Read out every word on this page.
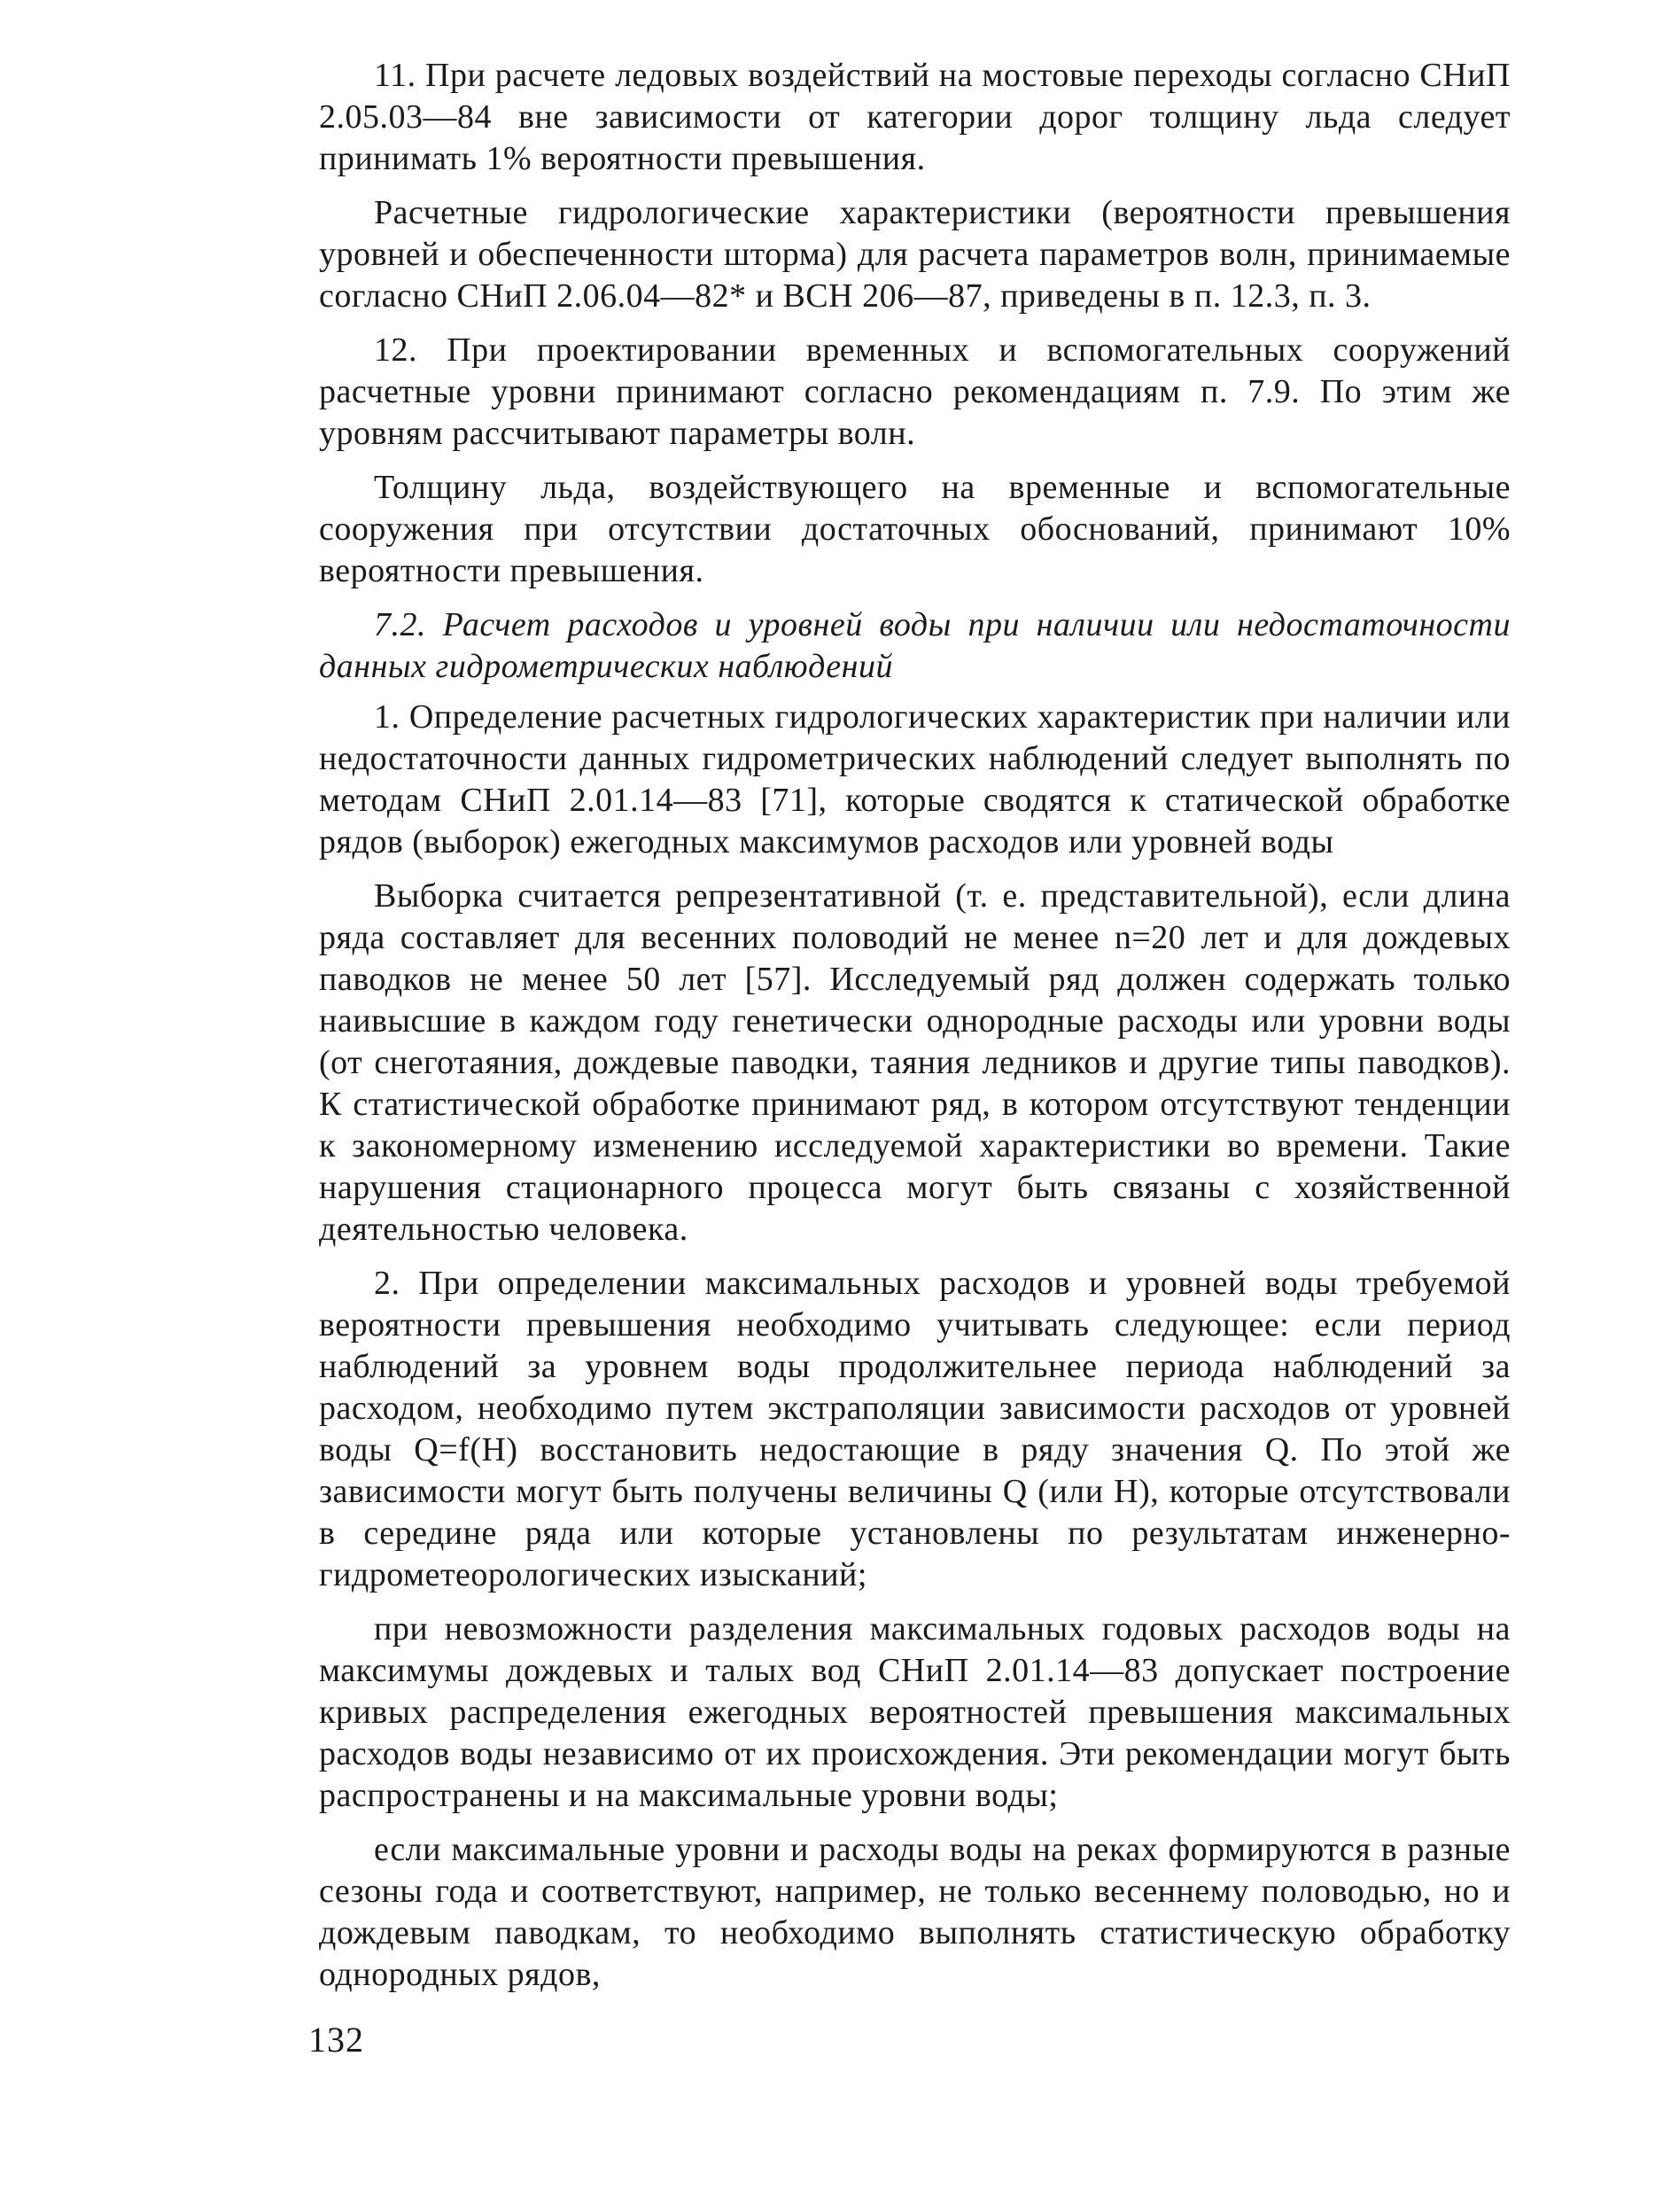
11. При расчете ледовых воздействий на мостовые переходы согласно СНиП 2.05.03—84 вне зависимости от категории дорог толщину льда следует принимать 1% вероятности превышения.

Расчетные гидрологические характеристики (вероятности превышения уровней и обеспеченности шторма) для расчета параметров волн, принимаемые согласно СНиП 2.06.04—82* и ВСН 206—87, приведены в п. 12.3, п. 3.

12. При проектировании временных и вспомогательных сооружений расчетные уровни принимают согласно рекомендациям п. 7.9. По этим же уровням рассчитывают параметры волн.

Толщину льда, воздействующего на временные и вспомогательные сооружения при отсутствии достаточных обоснований, принимают 10% вероятности превышения.

7.2. Расчет расходов и уровней воды при наличии или недостаточности данных гидрометрических наблюдений

1. Определение расчетных гидрологических характеристик при наличии или недостаточности данных гидрометрических наблюдений следует выполнять по методам СНиП 2.01.14—83 [71], которые сводятся к статической обработке рядов (выборок) ежегодных максимумов расходов или уровней воды

Выборка считается репрезентативной (т. е. представительной), если длина ряда составляет для весенних половодий не менее n=20 лет и для дождевых паводков не менее 50 лет [57]. Исследуемый ряд должен содержать только наивысшие в каждом году генетически однородные расходы или уровни воды (от снеготаяния, дождевые паводки, таяния ледников и другие типы паводков). К статистической обработке принимают ряд, в котором отсутствуют тенденции к закономерному изменению исследуемой характеристики во времени. Такие нарушения стационарного процесса могут быть связаны с хозяйственной деятельностью человека.

2. При определении максимальных расходов и уровней воды требуемой вероятности превышения необходимо учитывать следующее: если период наблюдений за уровнем воды продолжительнее периода наблюдений за расходом, необходимо путем экстраполяции зависимости расходов от уровней воды Q=f(H) восстановить недостающие в ряду значения Q. По этой же зависимости могут быть получены величины Q (или H), которые отсутствовали в середине ряда или которые установлены по результатам инженерно-гидрометеорологических изысканий;

при невозможности разделения максимальных годовых расходов воды на максимумы дождевых и талых вод СНиП 2.01.14—83 допускает построение кривых распределения ежегодных вероятностей превышения максимальных расходов воды независимо от их происхождения. Эти рекомендации могут быть распространены и на максимальные уровни воды;

если максимальные уровни и расходы воды на реках формируются в разные сезоны года и соответствуют, например, не только весеннему половодью, но и дождевым паводкам, то необходимо выполнять статистическую обработку однородных рядов,

132
